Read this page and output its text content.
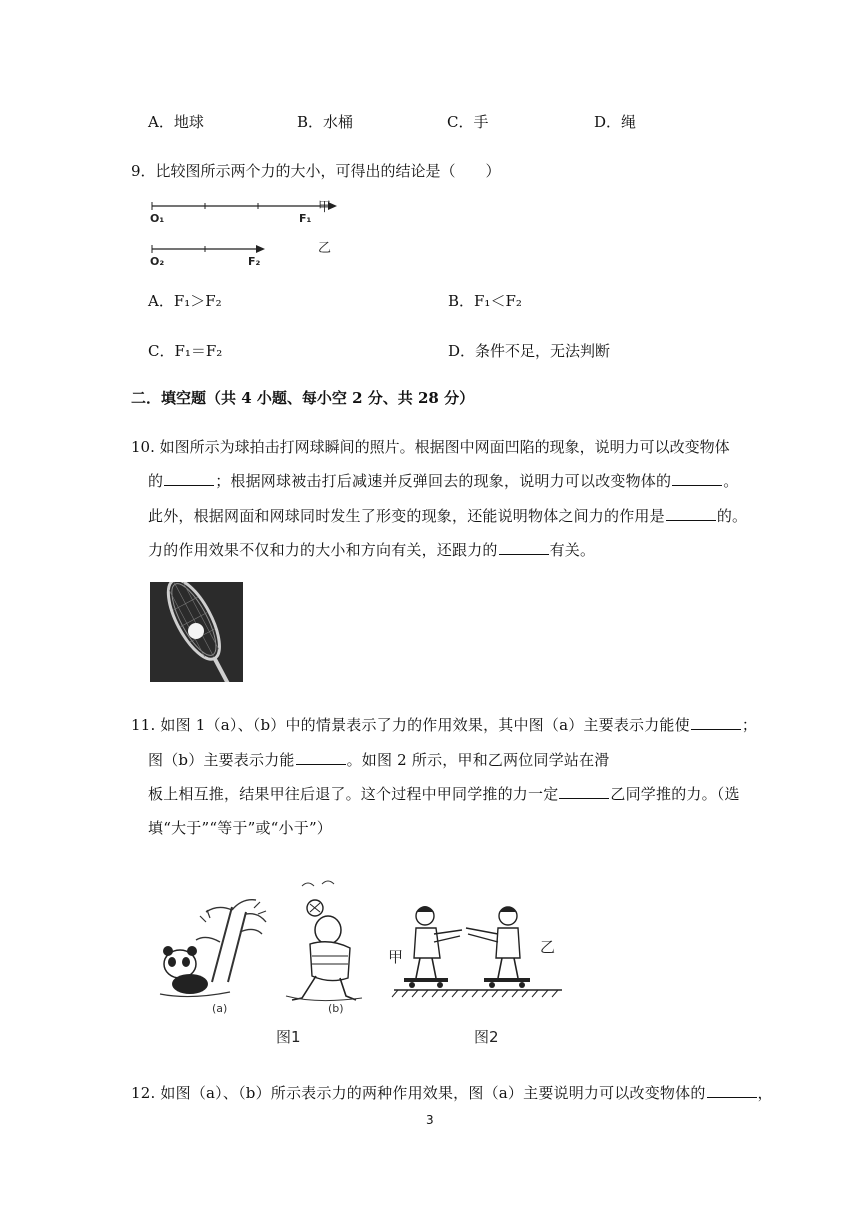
A．地球	B．水桶	C．手	D．绳
9．比较图所示两个力的大小，可得出的结论是（　　）
O₁	F₁
甲
O₂	F₂
乙
A．F₁＞F₂	B．F₁＜F₂
C．F₁＝F₂	D．条件不足，无法判断
二．填空题（共 4 小题、每小空 2 分、共 28 分）
10. 如图所示为球拍击打网球瞬间的照片。根据图中网面凹陷的现象，说明力可以改变物体
的	；根据网球被击打后减速并反弹回去的现象，说明力可以改变物体的	。
此外，根据网面和网球同时发生了形变的现象，还能说明物体之间力的作用是	的。
力的作用效果不仅和力的大小和方向有关，还跟力的	有关。
11. 如图 1（a）、（b）中的情景表示了力的作用效果，其中图（a）主要表示力能使	；
图（b）主要表示力能	。如图 2 所示，甲和乙两位同学站在滑
板上相互推，结果甲往后退了。这个过程中甲同学推的力一定	乙同学推的力。（选
填“大于”“等于”或“小于”）
(a)	(b)
甲
乙
图1	图2
12. 如图（a）、（b）所示表示力的两种作用效果，图（a）主要说明力可以改变物体的	，
3
